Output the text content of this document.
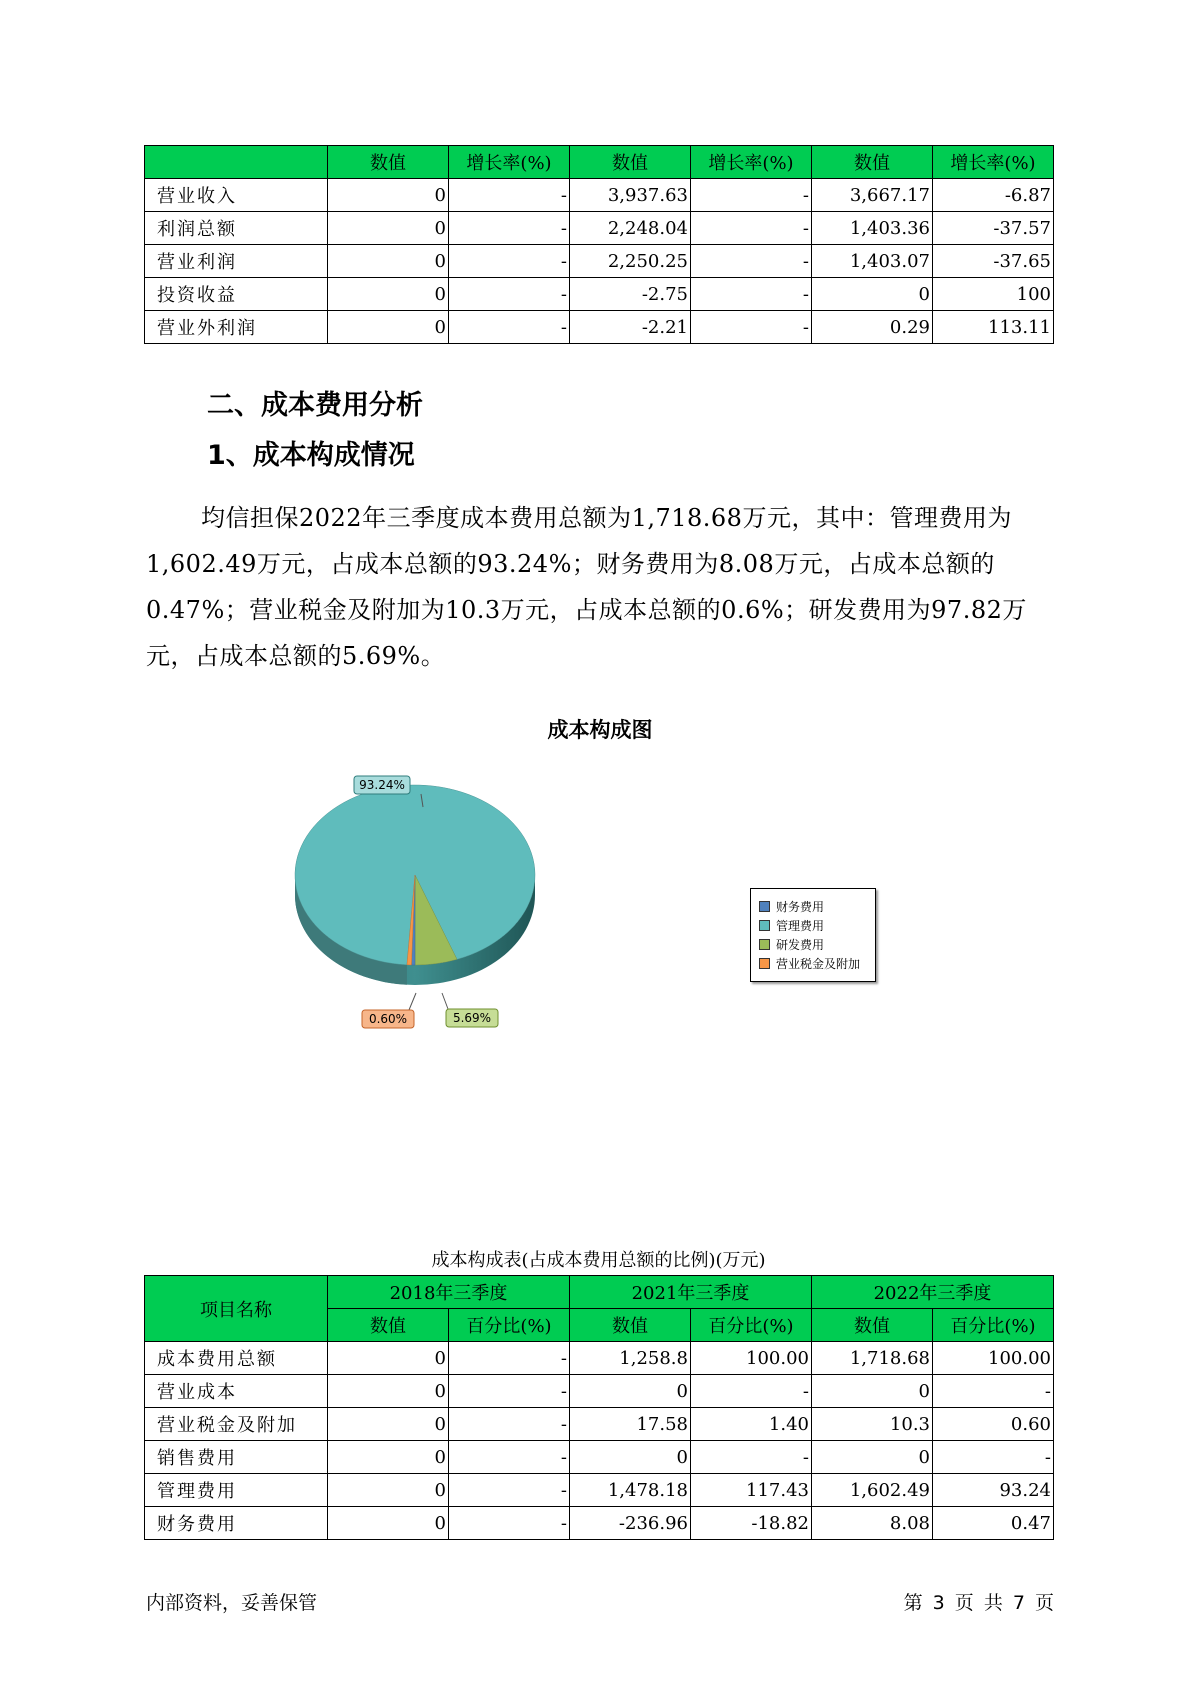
	数值	增长率(%)	数值	增长率(%)	数值	增长率(%)
营业收入	0	-	3,937.63	-	3,667.17	-6.87
利润总额	0	-	2,248.04	-	1,403.36	-37.57
营业利润	0	-	2,250.25	-	1,403.07	-37.65
投资收益	0	-	-2.75	-	0	100
营业外利润	0	-	-2.21	-	0.29	113.11
二、成本费用分析
1、成本构成情况

均信担保2022年三季度成本费用总额为1,718.68万元，其中：管理费用为1,602.49万元，占成本总额的93.24%；财务费用为8.08万元，占成本总额的0.47%；营业税金及附加为10.3万元，占成本总额的0.6%；研发费用为97.82万元，占成本总额的5.69%。

成本构成图
93.24%
0.60%	5.69%
财务费用
管理费用
研发费用
营业税金及附加
成本构成表(占成本费用总额的比例)(万元)
项目名称	2018年三季度		2021年三季度		2022年三季度	
	数值	百分比(%)	数值	百分比(%)	数值	百分比(%)
成本费用总额	0	-	1,258.8	100.00	1,718.68	100.00
营业成本	0	-	0	-	0	-
营业税金及附加	0	-	17.58	1.40	10.3	0.60
销售费用	0	-	0	-	0	-
管理费用	0	-	1,478.18	117.43	1,602.49	93.24
财务费用	0	-	-236.96	-18.82	8.08	0.47
内部资料，妥善保管	第 3 页 共 7 页
